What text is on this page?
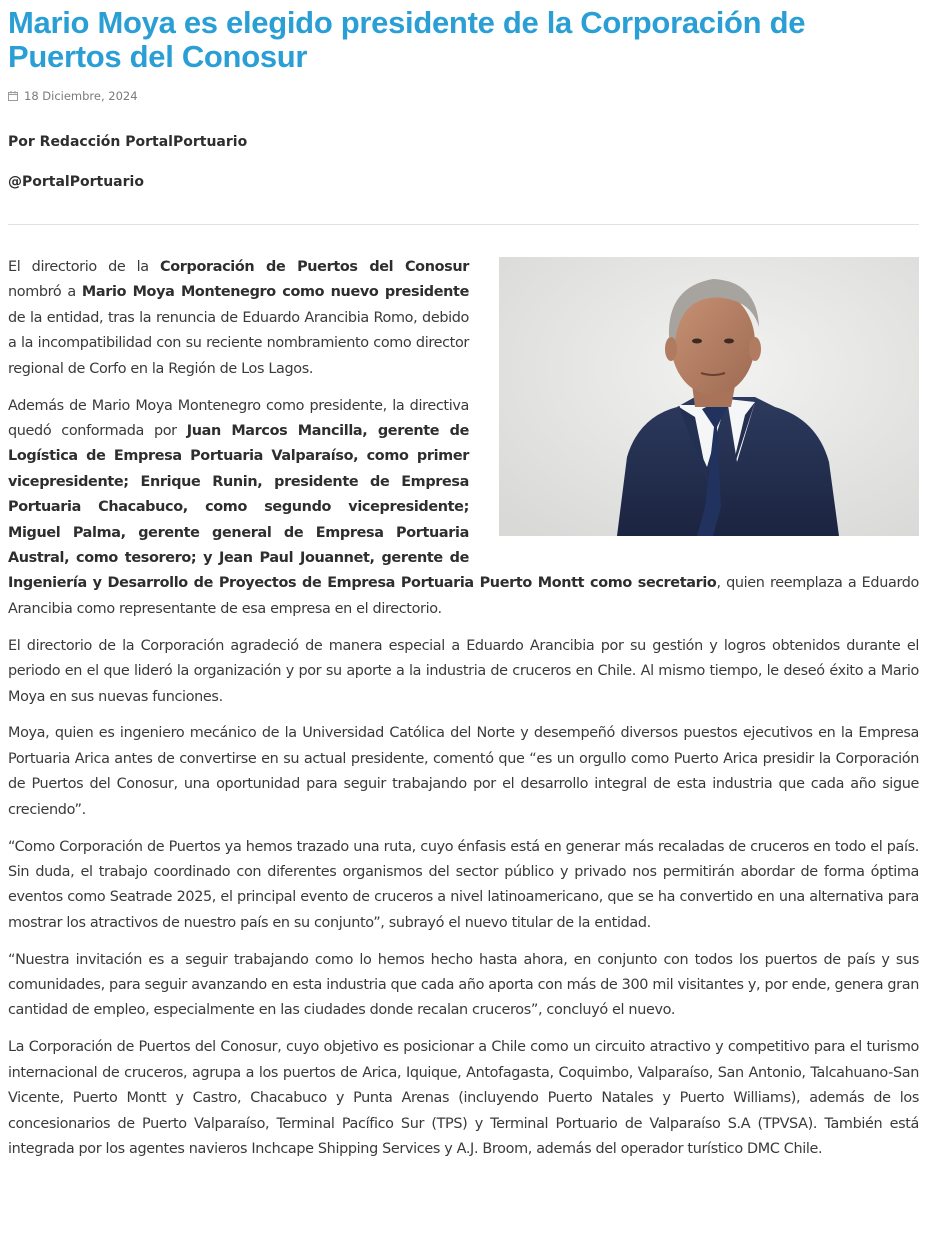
Mario Moya es elegido presidente de la Corporación de Puertos del Conosur
18 Diciembre, 2024
Por Redacción PortalPortuario
@PortalPortuario

El directorio de la Corporación de Puertos del Conosur nombró a Mario Moya Montenegro como nuevo presidente de la entidad, tras la renuncia de Eduardo Arancibia Romo, debido a la incompatibilidad con su reciente nombramiento como director regional de Corfo en la Región de Los Lagos.

Además de Mario Moya Montenegro como presidente, la directiva quedó conformada por Juan Marcos Mancilla, gerente de Logística de Empresa Portuaria Valparaíso, como primer vicepresidente; Enrique Runin, presidente de Empresa Portuaria Chacabuco, como segundo vicepresidente; Miguel Palma, gerente general de Empresa Portuaria Austral, como tesorero; y Jean Paul Jouannet, gerente de Ingeniería y Desarrollo de Proyectos de Empresa Portuaria Puerto Montt como secretario, quien reemplaza a Eduardo Arancibia como representante de esa empresa en el directorio.

El directorio de la Corporación agradeció de manera especial a Eduardo Arancibia por su gestión y logros obtenidos durante el periodo en el que lideró la organización y por su aporte a la industria de cruceros en Chile. Al mismo tiempo, le deseó éxito a Mario Moya en sus nuevas funciones.

Moya, quien es ingeniero mecánico de la Universidad Católica del Norte y desempeñó diversos puestos ejecutivos en la Empresa Portuaria Arica antes de convertirse en su actual presidente, comentó que “es un orgullo como Puerto Arica presidir la Corporación de Puertos del Conosur, una oportunidad para seguir trabajando por el desarrollo integral de esta industria que cada año sigue creciendo”.

“Como Corporación de Puertos ya hemos trazado una ruta, cuyo énfasis está en generar más recaladas de cruceros en todo el país. Sin duda, el trabajo coordinado con diferentes organismos del sector público y privado nos permitirán abordar de forma óptima eventos como Seatrade 2025, el principal evento de cruceros a nivel latinoamericano, que se ha convertido en una alternativa para mostrar los atractivos de nuestro país en su conjunto”, subrayó el nuevo titular de la entidad.

“Nuestra invitación es a seguir trabajando como lo hemos hecho hasta ahora, en conjunto con todos los puertos de país y sus comunidades, para seguir avanzando en esta industria que cada año aporta con más de 300 mil visitantes y, por ende, genera gran cantidad de empleo, especialmente en las ciudades donde recalan cruceros”, concluyó el nuevo.

La Corporación de Puertos del Conosur, cuyo objetivo es posicionar a Chile como un circuito atractivo y competitivo para el turismo internacional de cruceros, agrupa a los puertos de Arica, Iquique, Antofagasta, Coquimbo, Valparaíso, San Antonio, Talcahuano-San Vicente, Puerto Montt y Castro, Chacabuco y Punta Arenas (incluyendo Puerto Natales y Puerto Williams), además de los concesionarios de Puerto Valparaíso, Terminal Pacífico Sur (TPS) y Terminal Portuario de Valparaíso S.A (TPVSA). También está integrada por los agentes navieros Inchcape Shipping Services y A.J. Broom, además del operador turístico DMC Chile.
